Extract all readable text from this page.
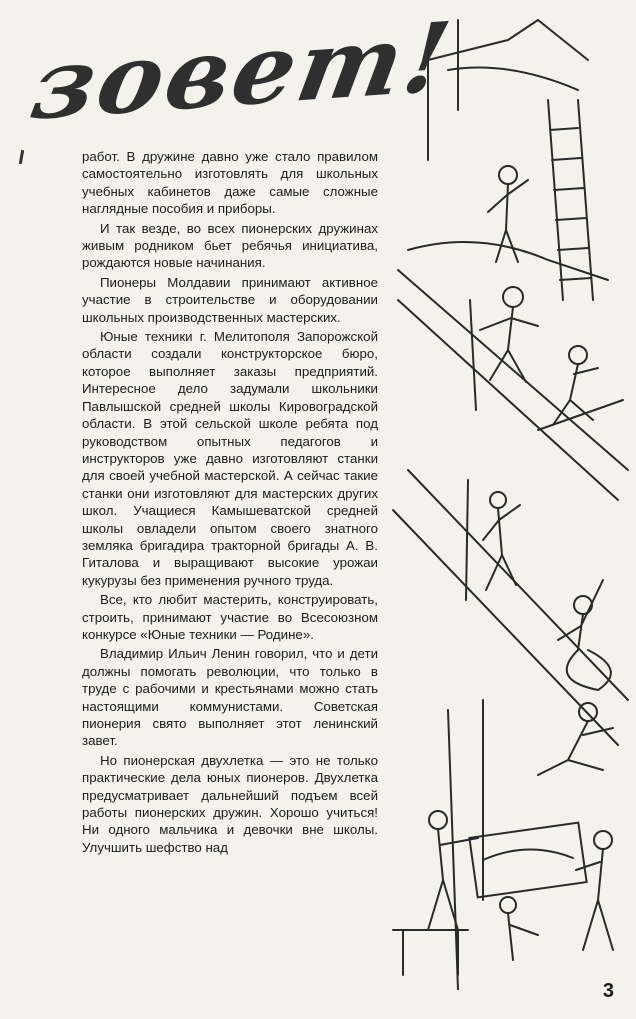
зовет!

работ. В дружине давно уже стало правилом самостоятельно изготовлять для школьных учебных кабинетов даже самые сложные наглядные пособия и приборы.

И так везде, во всех пионерских дружинах живым родником бьет ребячья инициатива, рождаются новые начинания.

Пионеры Молдавии принимают активное участие в строительстве и оборудовании школьных производственных мастерских.

Юные техники г. Мелитополя Запорожской области создали конструкторское бюро, которое выполняет заказы предприятий. Интересное дело задумали школьники Павлышской средней школы Кировоградской области. В этой сельской школе ребята под руководством опытных педагогов и инструкторов уже давно изготовляют станки для своей учебной мастерской. А сейчас такие станки они изготовляют для мастерских других школ. Учащиеся Камышеватской средней школы овладели опытом своего знатного земляка бригадира тракторной бригады А. В. Гиталова и выращивают высокие урожаи кукурузы без применения ручного труда.

Все, кто любит мастерить, конструировать, строить, принимают участие во Всесоюзном конкурсе «Юные техники — Родине».

Владимир Ильич Ленин говорил, что и дети должны помогать революции, что только в труде с рабочими и крестьянами можно стать настоящими коммунистами. Советская пионерия свято выполняет этот ленинский завет.

Но пионерская двухлетка — это не только практические дела юных пионеров. Двухлетка предусматривает дальнейший подъем всей работы пионерских дружин. Хорошо учиться! Ни одного мальчика и девочки вне школы. Улучшить шефство над

3
